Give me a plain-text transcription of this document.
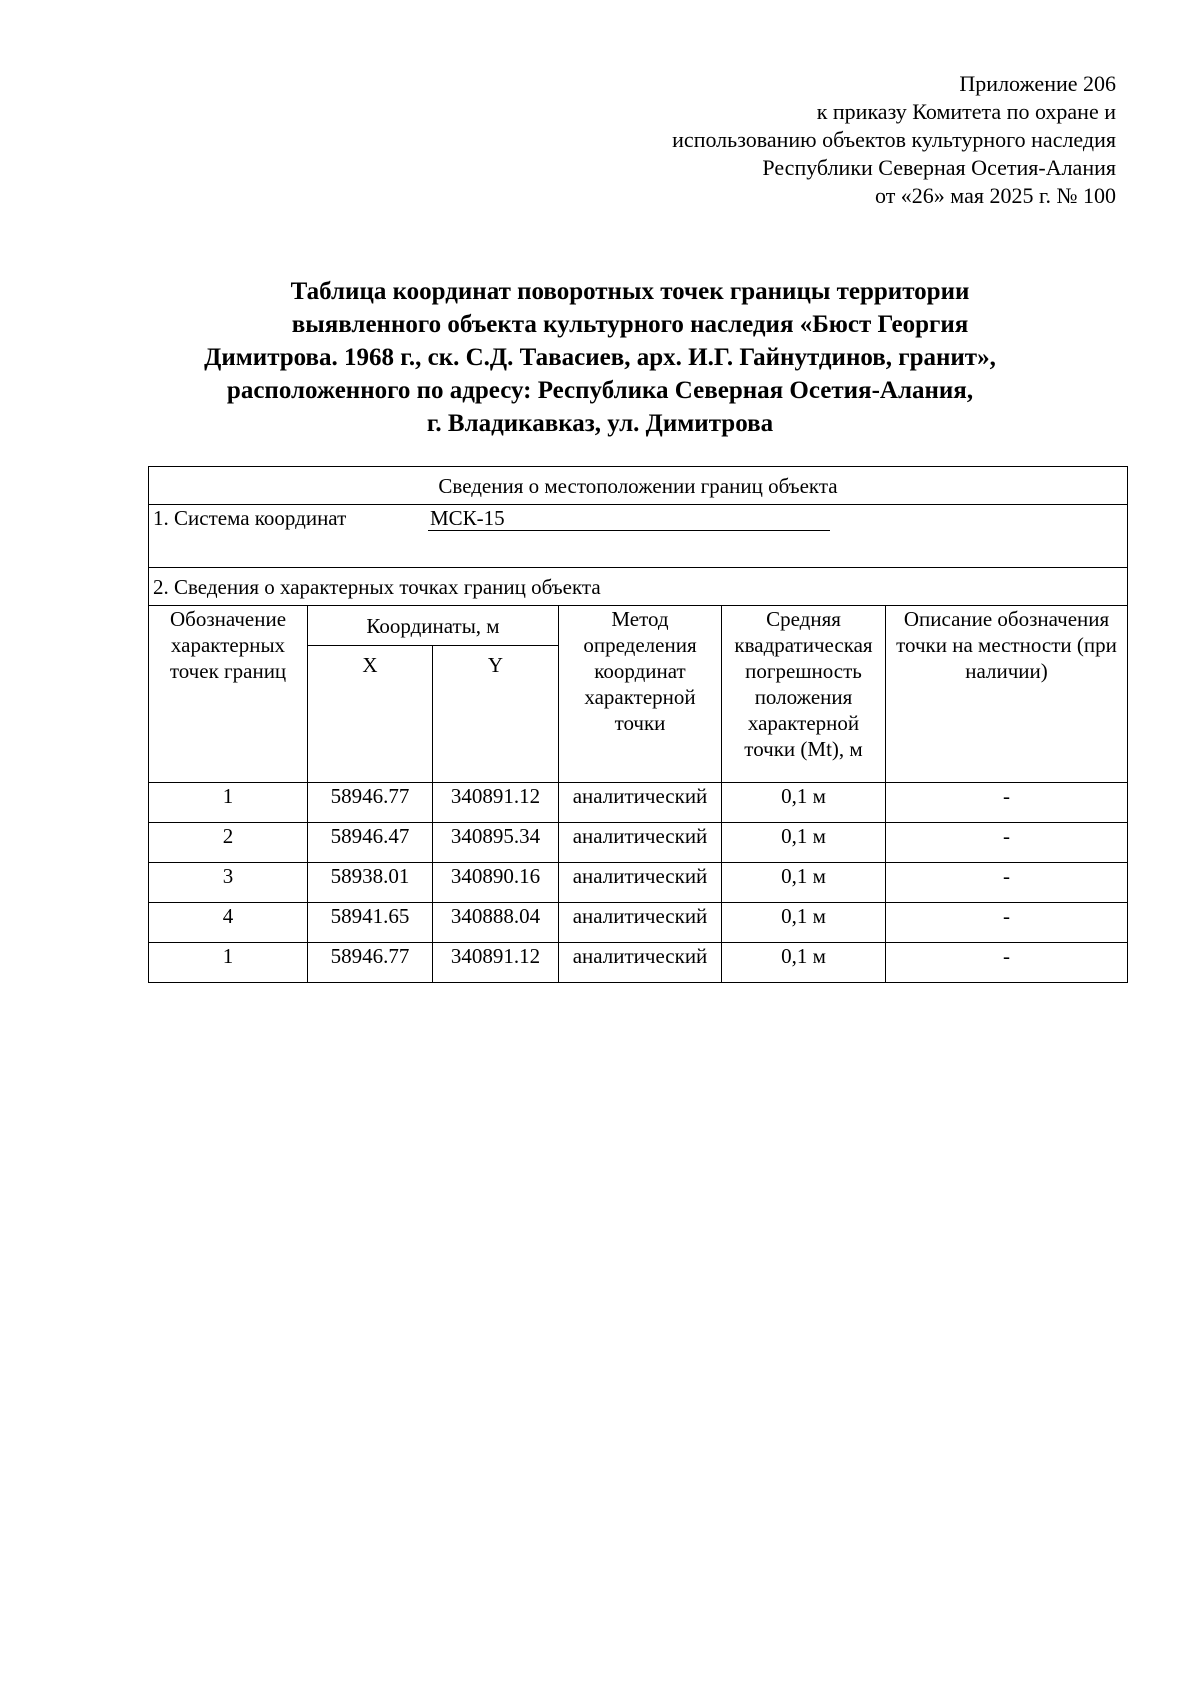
Приложение 206
к приказу Комитета по охране и
использованию объектов культурного наследия
Республики Северная Осетия-Алания
от «26» мая 2025 г. № 100
Таблица координат поворотных точек границы территории
выявленного объекта культурного наследия «Бюст Георгия
Димитрова. 1968 г., ск. С.Д. Тавасиев, арх. И.Г. Гайнутдинов, гранит»,
расположенного по адресу: Республика Северная Осетия-Алания,
г. Владикавказ, ул. Димитрова
Сведения о местоположении границ объекта					
1. Система координат МСК-15					
2. Сведения о характерных точках границ объекта					
Обозначение характерных точек границ	Координаты, м		Метод определения координат характерной точки	Средняя квадратическая погрешность положения характерной точки (Mt), м	Описание обозначения точки на местности (при наличии)
	X	Y			
1	58946.77	340891.12	аналитический	0,1 м	-
2	58946.47	340895.34	аналитический	0,1 м	-
3	58938.01	340890.16	аналитический	0,1 м	-
4	58941.65	340888.04	аналитический	0,1 м	-
1	58946.77	340891.12	аналитический	0,1 м	-
